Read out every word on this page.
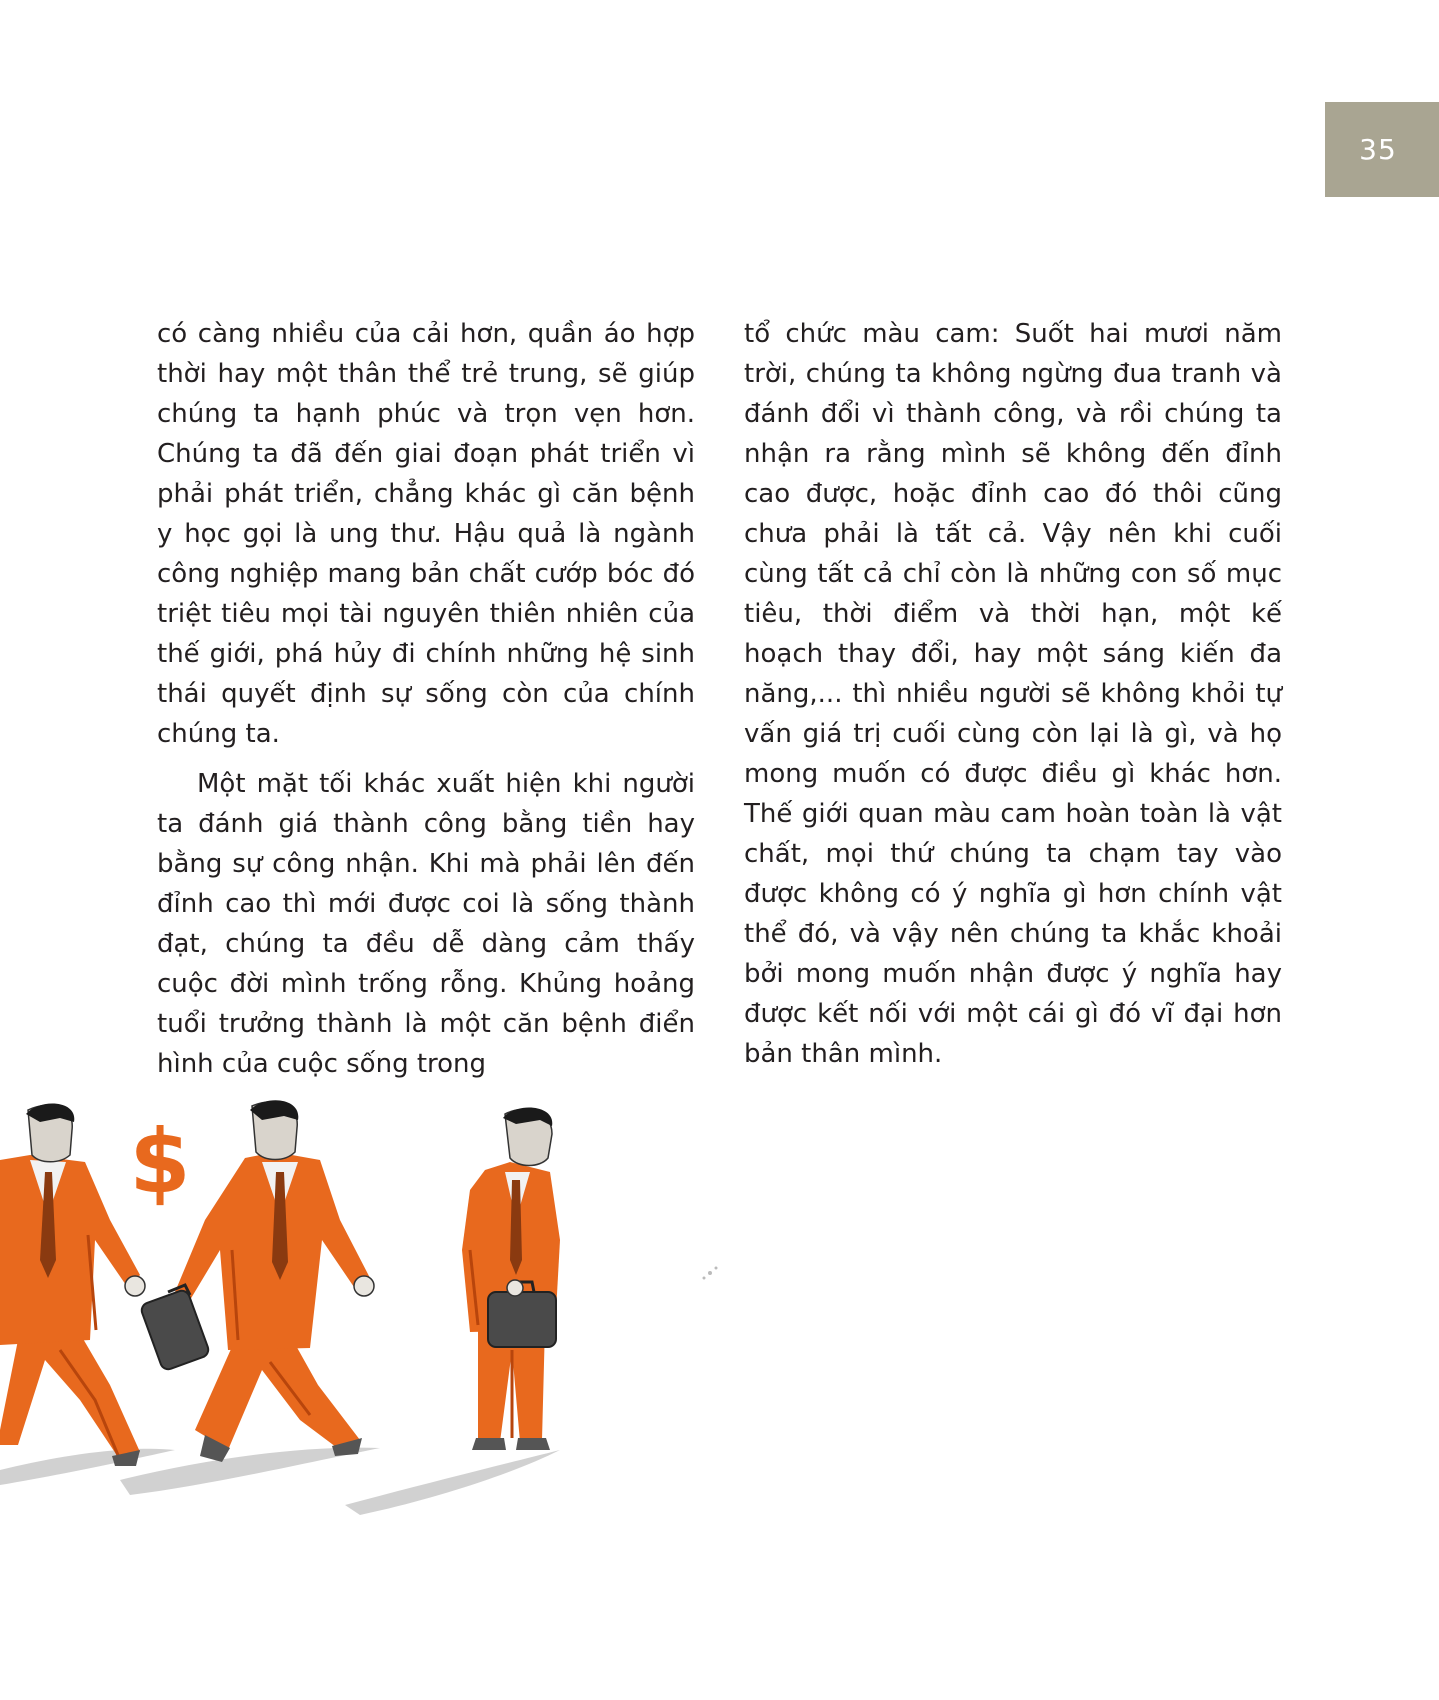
35

có càng nhiều của cải hơn, quần áo hợp thời hay một thân thể trẻ trung, sẽ giúp chúng ta hạnh phúc và trọn vẹn hơn. Chúng ta đã đến giai đoạn phát triển vì phải phát triển, chẳng khác gì căn bệnh y học gọi là ung thư. Hậu quả là ngành công nghiệp mang bản chất cướp bóc đó triệt tiêu mọi tài nguyên thiên nhiên của thế giới, phá hủy đi chính những hệ sinh thái quyết định sự sống còn của chính chúng ta.

Một mặt tối khác xuất hiện khi người ta đánh giá thành công bằng tiền hay bằng sự công nhận. Khi mà phải lên đến đỉnh cao thì mới được coi là sống thành đạt, chúng ta đều dễ dàng cảm thấy cuộc đời mình trống rỗng. Khủng hoảng tuổi trưởng thành là một căn bệnh điển hình của cuộc sống trong

tổ chức màu cam: Suốt hai mươi năm trời, chúng ta không ngừng đua tranh và đánh đổi vì thành công, và rồi chúng ta nhận ra rằng mình sẽ không đến đỉnh cao được, hoặc đỉnh cao đó thôi cũng chưa phải là tất cả. Vậy nên khi cuối cùng tất cả chỉ còn là những con số mục tiêu, thời điểm và thời hạn, một kế hoạch thay đổi, hay một sáng kiến đa năng,... thì nhiều người sẽ không khỏi tự vấn giá trị cuối cùng còn lại là gì, và họ mong muốn có được điều gì khác hơn. Thế giới quan màu cam hoàn toàn là vật chất, mọi thứ chúng ta chạm tay vào được không có ý nghĩa gì hơn chính vật thể đó, và vậy nên chúng ta khắc khoải bởi mong muốn nhận được ý nghĩa hay được kết nối với một cái gì đó vĩ đại hơn bản thân mình.

$
